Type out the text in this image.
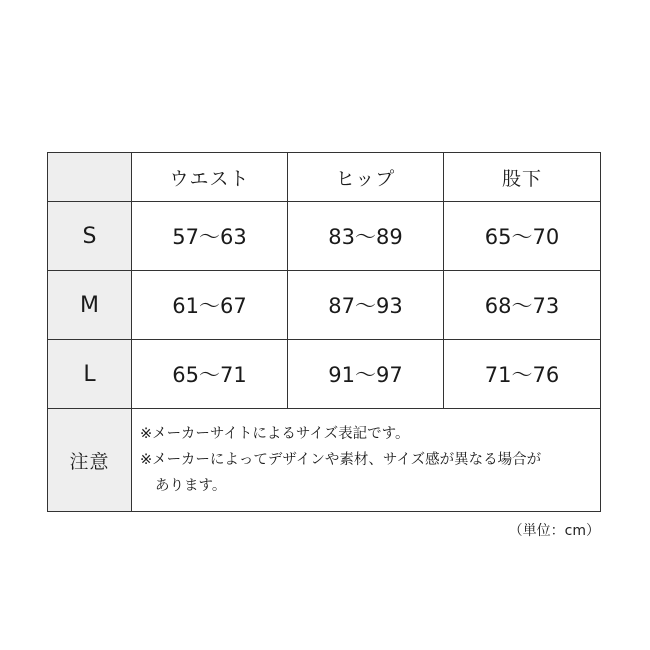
	ウエスト	ヒップ	股下
S	57〜63	83〜89	65〜70
M	61〜67	87〜93	68〜73
L	65〜71	91〜97	71〜76
注意	※メーカーサイトによるサイズ表記です。
※メーカーによってデザインや素材、サイズ感が異なる場合が
あります。		
（単位：cm）
